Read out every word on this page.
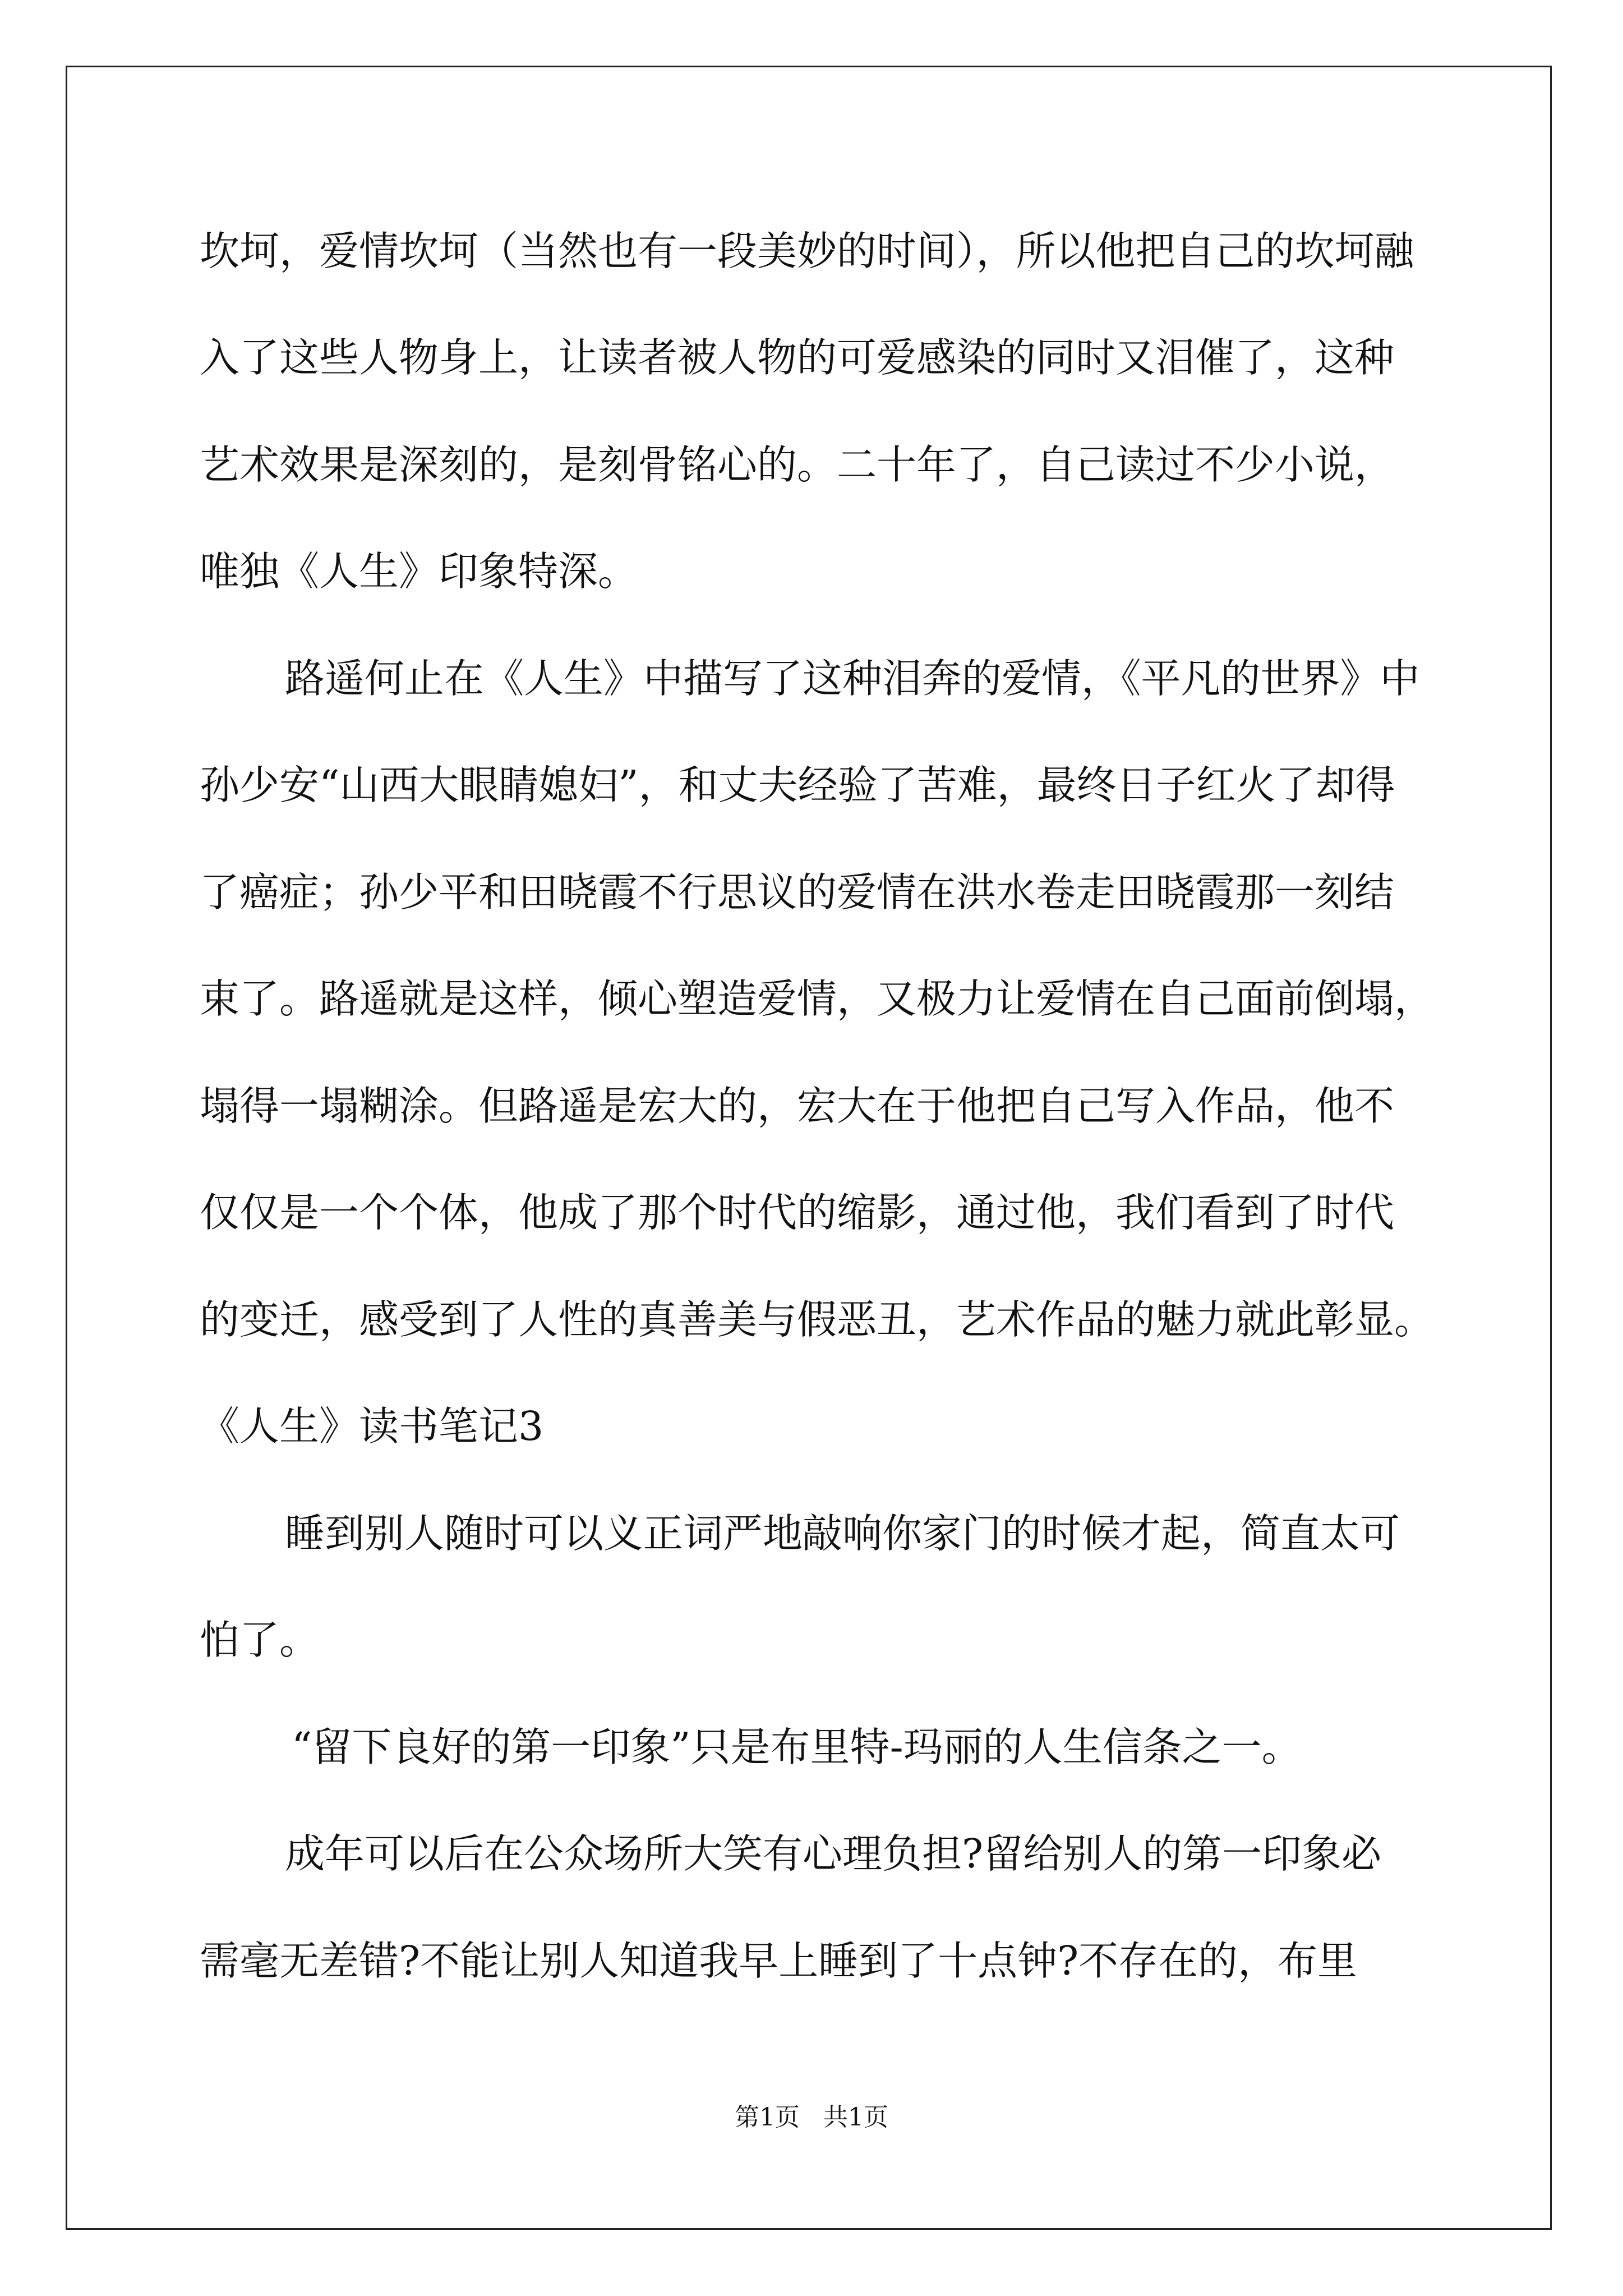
坎坷，爱情坎坷（当然也有一段美妙的时间），所以他把自己的坎坷融
入了这些人物身上，让读者被人物的可爱感染的同时又泪催了，这种
艺术效果是深刻的，是刻骨铭心的。二十年了，自己读过不少小说，
唯独《人生》印象特深。
路遥何止在《人生》中描写了这种泪奔的爱情，《平凡的世界》中
孙少安“山西大眼睛媳妇”，和丈夫经验了苦难，最终日子红火了却得
了癌症；孙少平和田晓霞不行思议的爱情在洪水卷走田晓霞那一刻结
束了。路遥就是这样，倾心塑造爱情，又极力让爱情在自己面前倒塌，
塌得一塌糊涂。但路遥是宏大的，宏大在于他把自己写入作品，他不
仅仅是一个个体，他成了那个时代的缩影，通过他，我们看到了时代
的变迁，感受到了人性的真善美与假恶丑，艺术作品的魅力就此彰显。
《人生》读书笔记3
睡到别人随时可以义正词严地敲响你家门的时候才起，简直太可
怕了。
“留下良好的第一印象”只是布里特-玛丽的人生信条之一。
成年可以后在公众场所大笑有心理负担?留给别人的第一印象必
需毫无差错?不能让别人知道我早上睡到了十点钟?不存在的，布里
第1页 共1页
